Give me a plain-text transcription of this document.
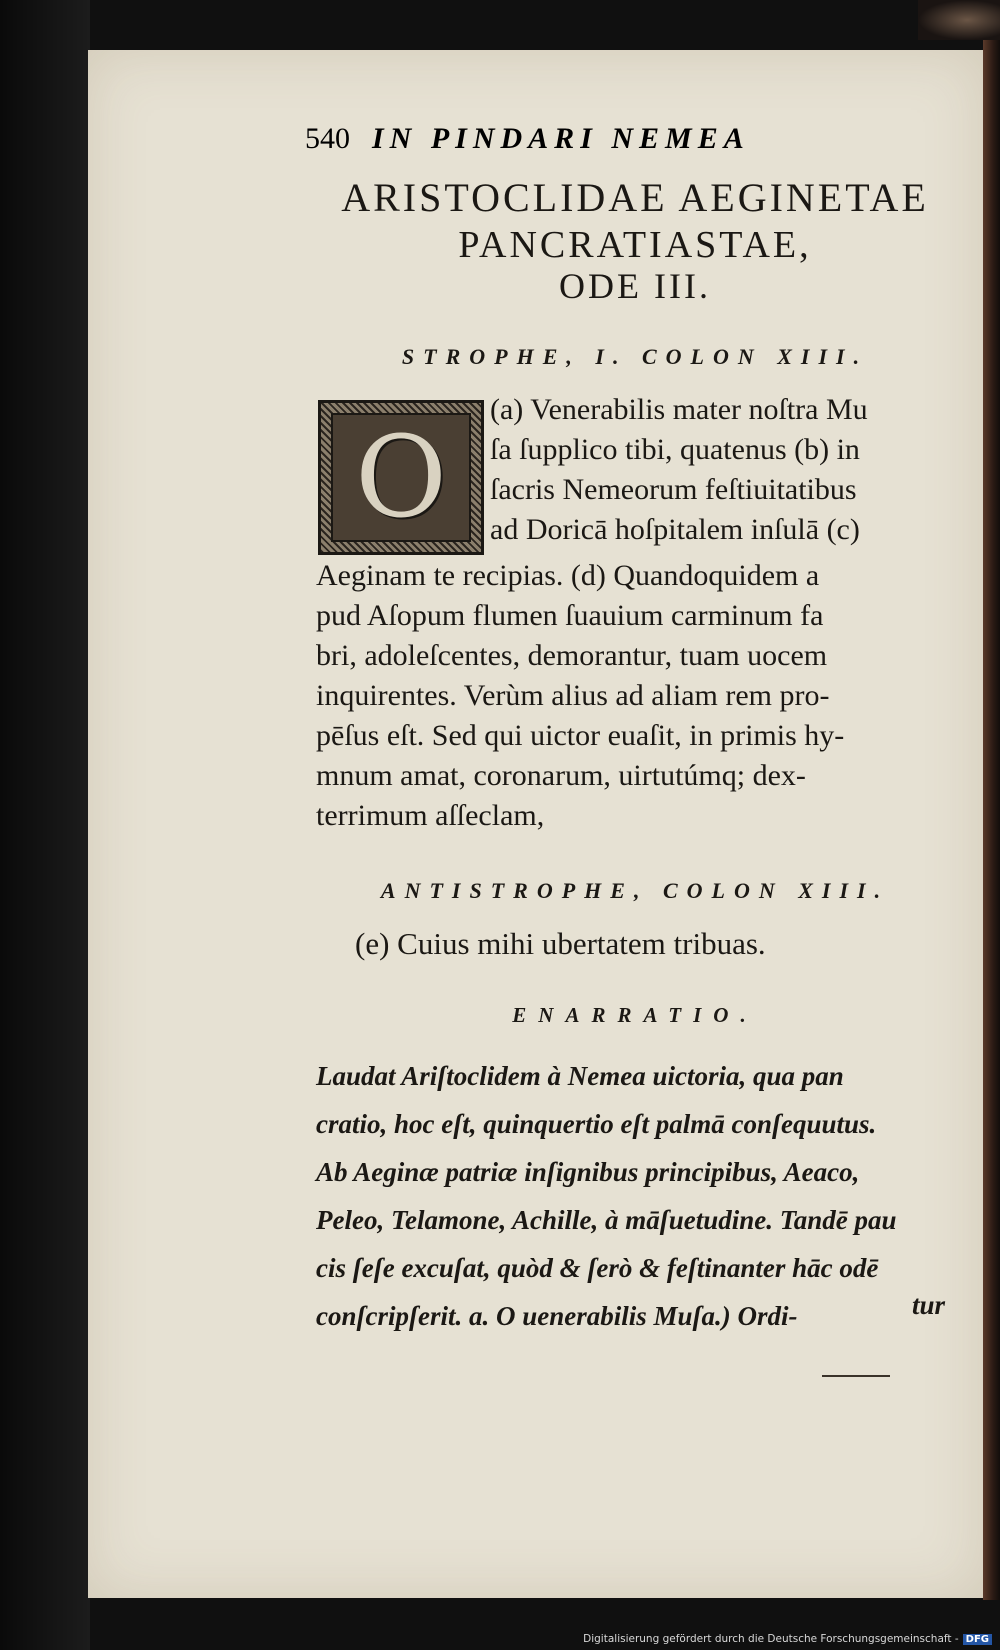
540 IN PINDARI NEMEA
ARISTOCLIDAE AEGINETAE
PANCRATIASTAE,
ODE III.
STROPHE, I. COLON XIII.
O
(a) Venerabilis mater noſtra Mu
ſa ſupplico tibi, quatenus (b) in
ſacris Nemeorum feſtiuitatibus
ad Doricā hoſpitalem inſulā (c)
Aeginam te recipias. (d) Quandoquidem a
pud Aſopum flumen ſuauium carminum fa
bri, adoleſcentes, demorantur, tuam uocem
inquirentes. Verùm alius ad aliam rem pro-
pēſus eſt. Sed qui uictor euaſit, in primis hy-
mnum amat, coronarum, uirtutúmq; dex-
terrimum aſſeclam,
ANTISTROPHE, COLON XIII.
(e) Cuius mihi ubertatem tribuas.
ENARRATIO.
Laudat Ariſtoclidem à Nemea uictoria, qua pan
cratio, hoc eſt, quinquertio eſt palmā conſequutus.
Ab Aeginæ patriæ inſignibus principibus, Aeaco,
Peleo, Telamone, Achille, à māſuetudine. Tandē pau
cis ſeſe excuſat, quòd & ſerò & feſtinanter hāc odē
conſcripſerit. a. O uenerabilis Muſa.) Ordi-	tur
Digitalisierung gefördert durch die Deutsche Forschungsgemeinschaft - DFG
